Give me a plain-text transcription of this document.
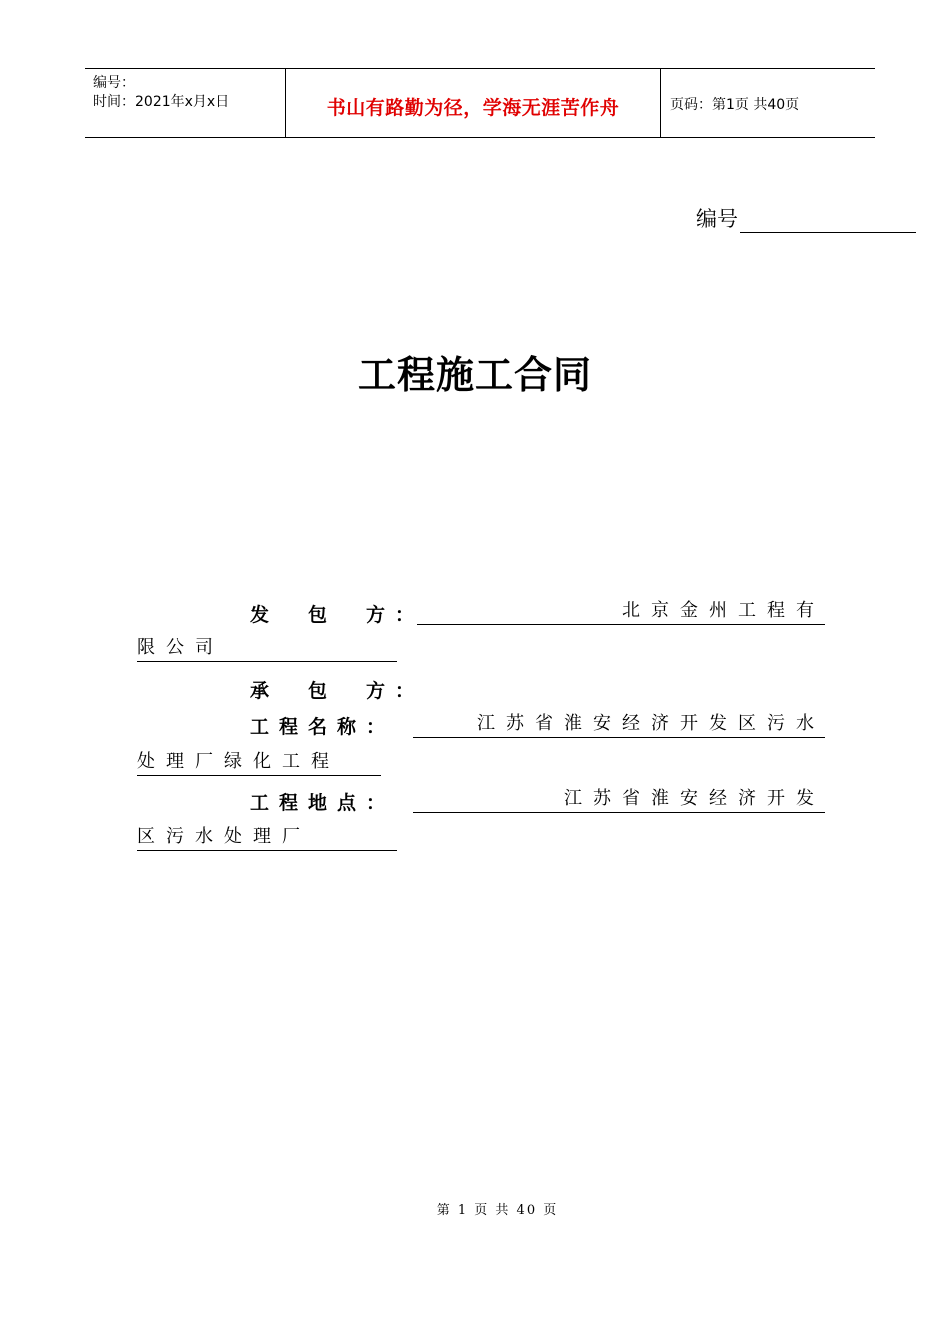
编号：
时间：2021年x月x日	书山有路勤为径，学海无涯苦作舟	页码：第1页 共40页
编号
工程施工合同
发　包　方：	北京金州工程有
限公司
承　包　方：
工程名称：	江苏省淮安经济开发区污水
处理厂绿化工程
工程地点：	江苏省淮安经济开发
区污水处理厂
第 1 页 共 40 页
